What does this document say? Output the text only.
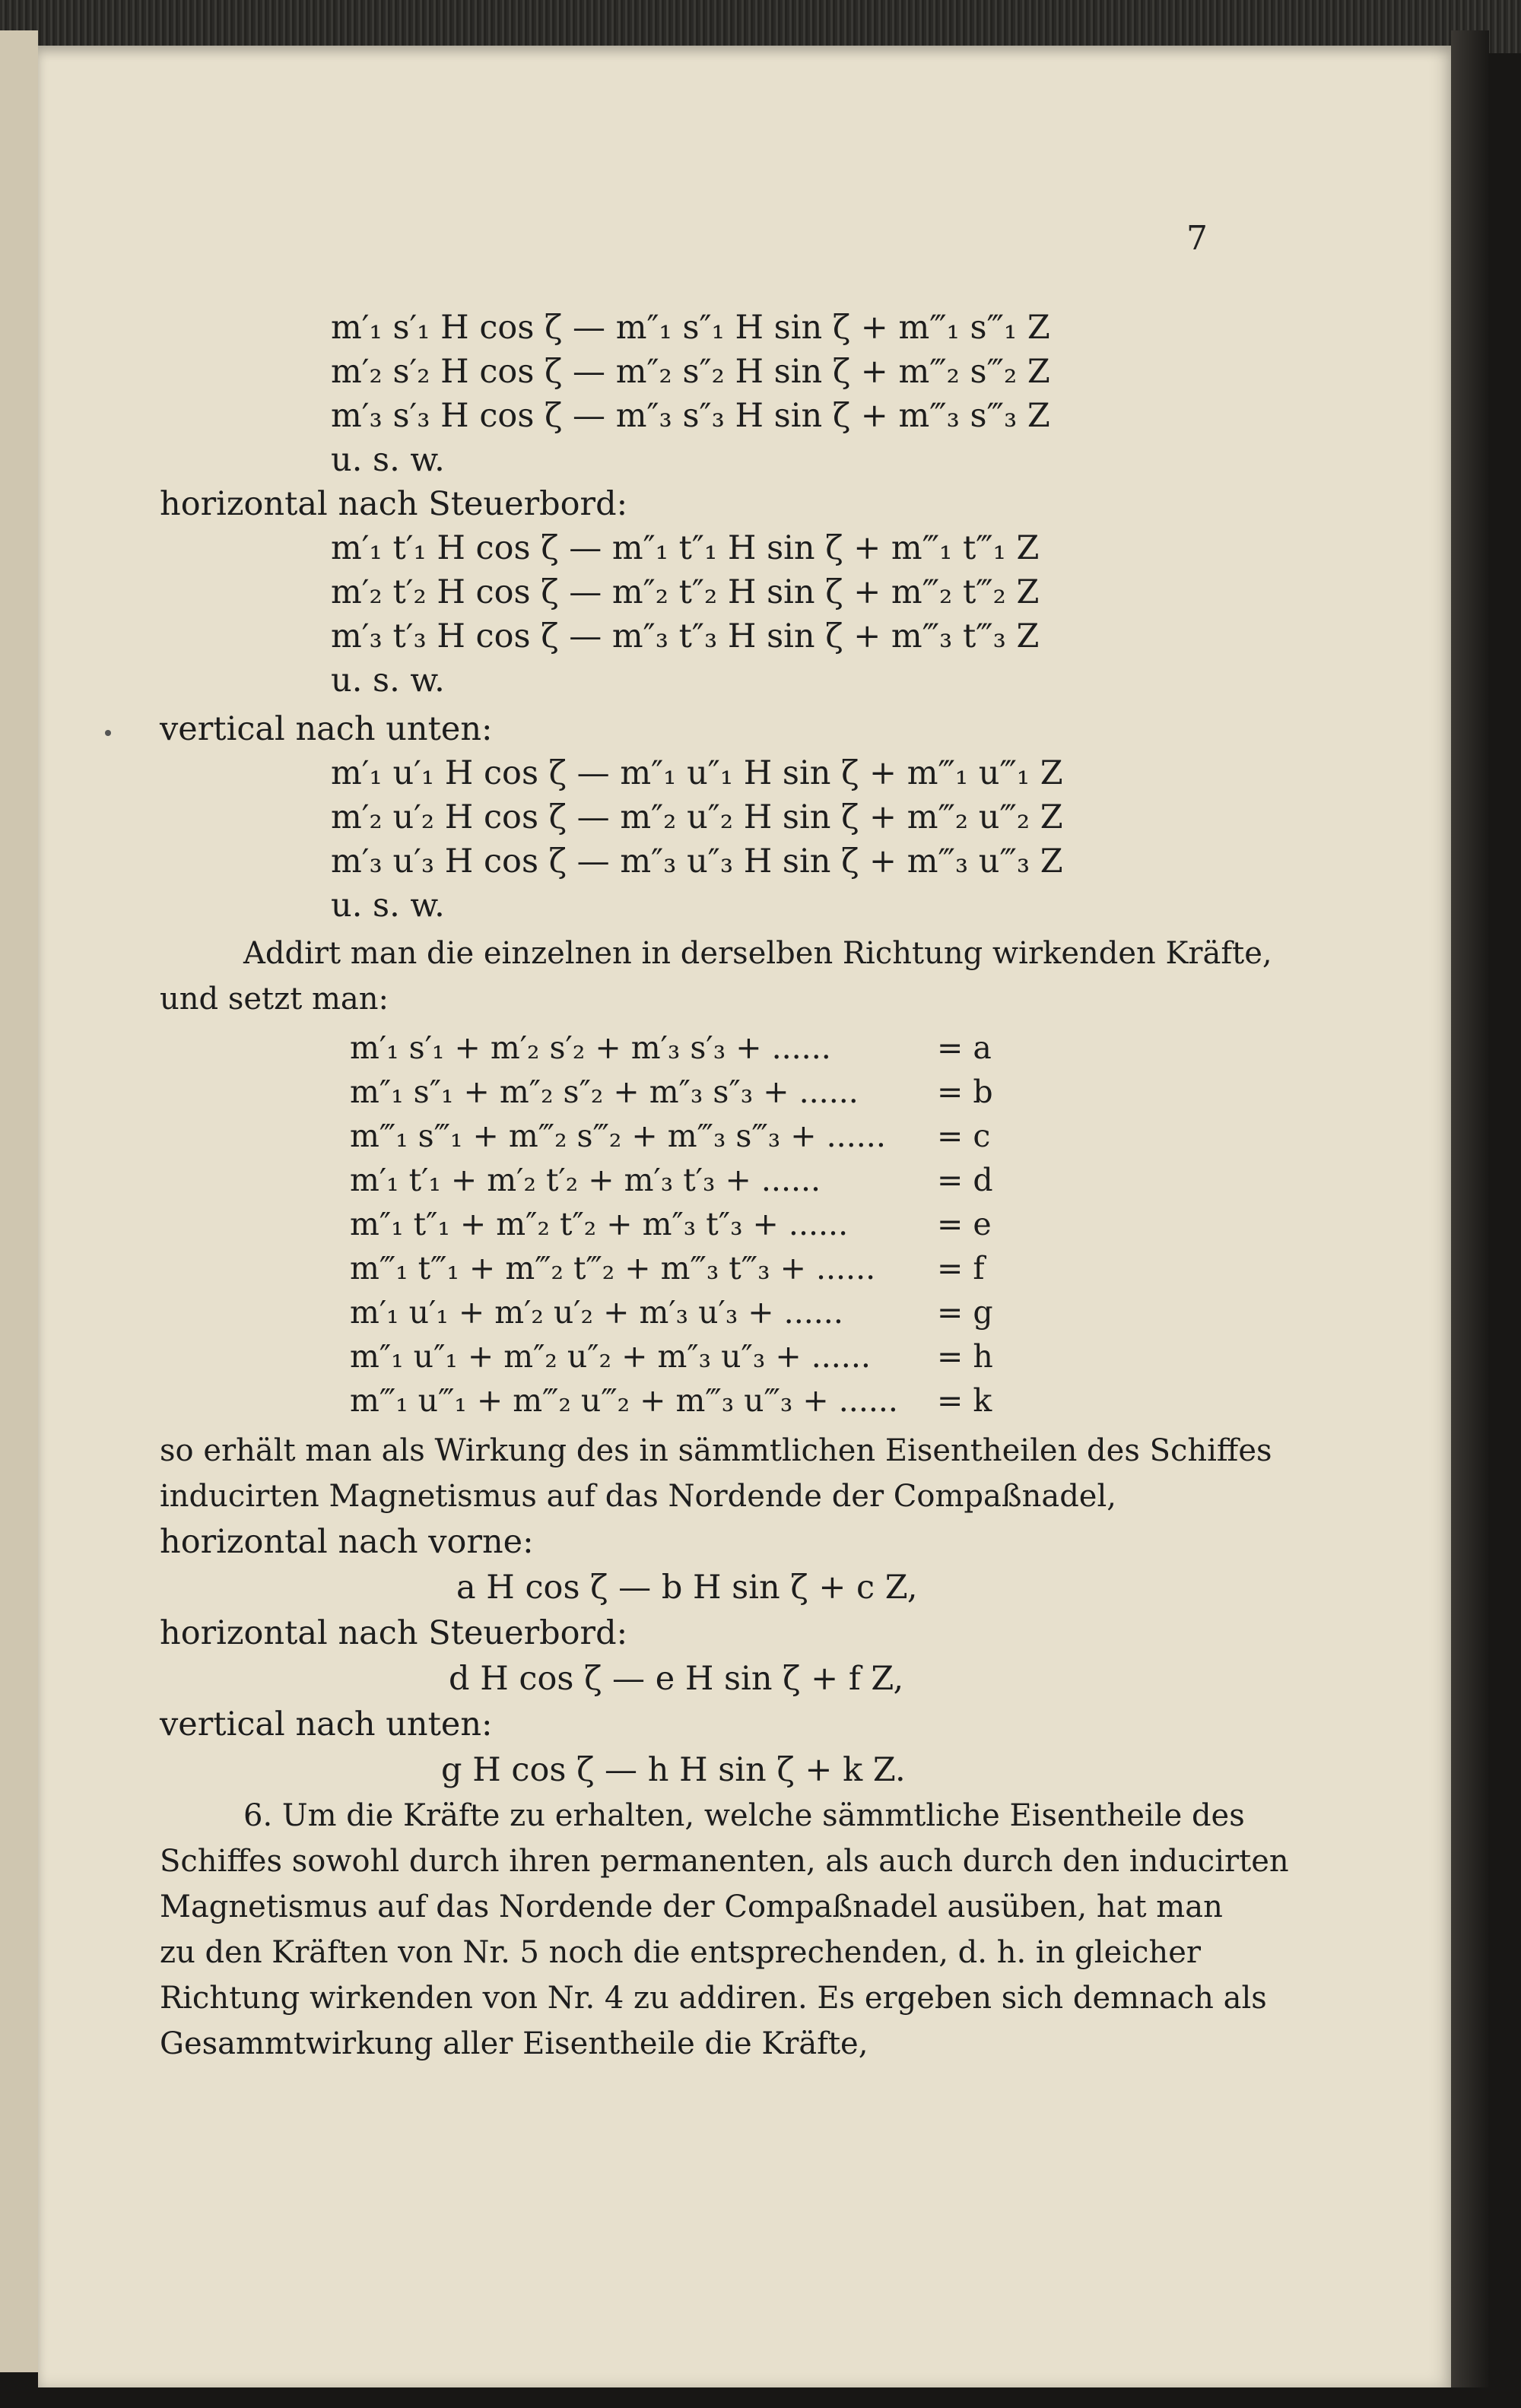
7
m′₁ s′₁ H cos ζ — m″₁ s″₁ H sin ζ + m‴₁ s‴₁ Z
m′₂ s′₂ H cos ζ — m″₂ s″₂ H sin ζ + m‴₂ s‴₂ Z
m′₃ s′₃ H cos ζ — m″₃ s″₃ H sin ζ + m‴₃ s‴₃ Z
u. s. w.
horizontal nach Steuerbord:
m′₁ t′₁ H cos ζ — m″₁ t″₁ H sin ζ + m‴₁ t‴₁ Z
m′₂ t′₂ H cos ζ — m″₂ t″₂ H sin ζ + m‴₂ t‴₂ Z
m′₃ t′₃ H cos ζ — m″₃ t″₃ H sin ζ + m‴₃ t‴₃ Z
u. s. w.
vertical nach unten:
m′₁ u′₁ H cos ζ — m″₁ u″₁ H sin ζ + m‴₁ u‴₁ Z
m′₂ u′₂ H cos ζ — m″₂ u″₂ H sin ζ + m‴₂ u‴₂ Z
m′₃ u′₃ H cos ζ — m″₃ u″₃ H sin ζ + m‴₃ u‴₃ Z
u. s. w.
Addirt man die einzelnen in derselben Richtung wirkenden Kräfte,
und setzt man:
m′₁ s′₁ + m′₂ s′₂ + m′₃ s′₃ + ......	= a
m″₁ s″₁ + m″₂ s″₂ + m″₃ s″₃ + ......	= b
m‴₁ s‴₁ + m‴₂ s‴₂ + m‴₃ s‴₃ + ...... = c
m′₁ t′₁ + m′₂ t′₂ + m′₃ t′₃ + ......	= d
m″₁ t″₁ + m″₂ t″₂ + m″₃ t″₃ + ......	= e
m‴₁ t‴₁ + m‴₂ t‴₂ + m‴₃ t‴₃ + ...... = f
m′₁ u′₁ + m′₂ u′₂ + m′₃ u′₃ + ......	= g
m″₁ u″₁ + m″₂ u″₂ + m″₃ u″₃ + ...... = h
m‴₁ u‴₁ + m‴₂ u‴₂ + m‴₃ u‴₃ + ...... = k
so erhält man als Wirkung des in sämmtlichen Eisentheilen des Schiffes
inducirten Magnetismus auf das Nordende der Compaßnadel,
horizontal nach vorne:
a H cos ζ — b H sin ζ + c Z,
horizontal nach Steuerbord:
d H cos ζ — e H sin ζ + f Z,
vertical nach unten:
g H cos ζ — h H sin ζ + k Z.
6. Um die Kräfte zu erhalten, welche sämmtliche Eisentheile des
Schiffes sowohl durch ihren permanenten, als auch durch den inducirten
Magnetismus auf das Nordende der Compaßnadel ausüben, hat man
zu den Kräften von Nr. 5 noch die entsprechenden, d. h. in gleicher
Richtung wirkenden von Nr. 4 zu addiren. Es ergeben sich demnach als
Gesammtwirkung aller Eisentheile die Kräfte,
